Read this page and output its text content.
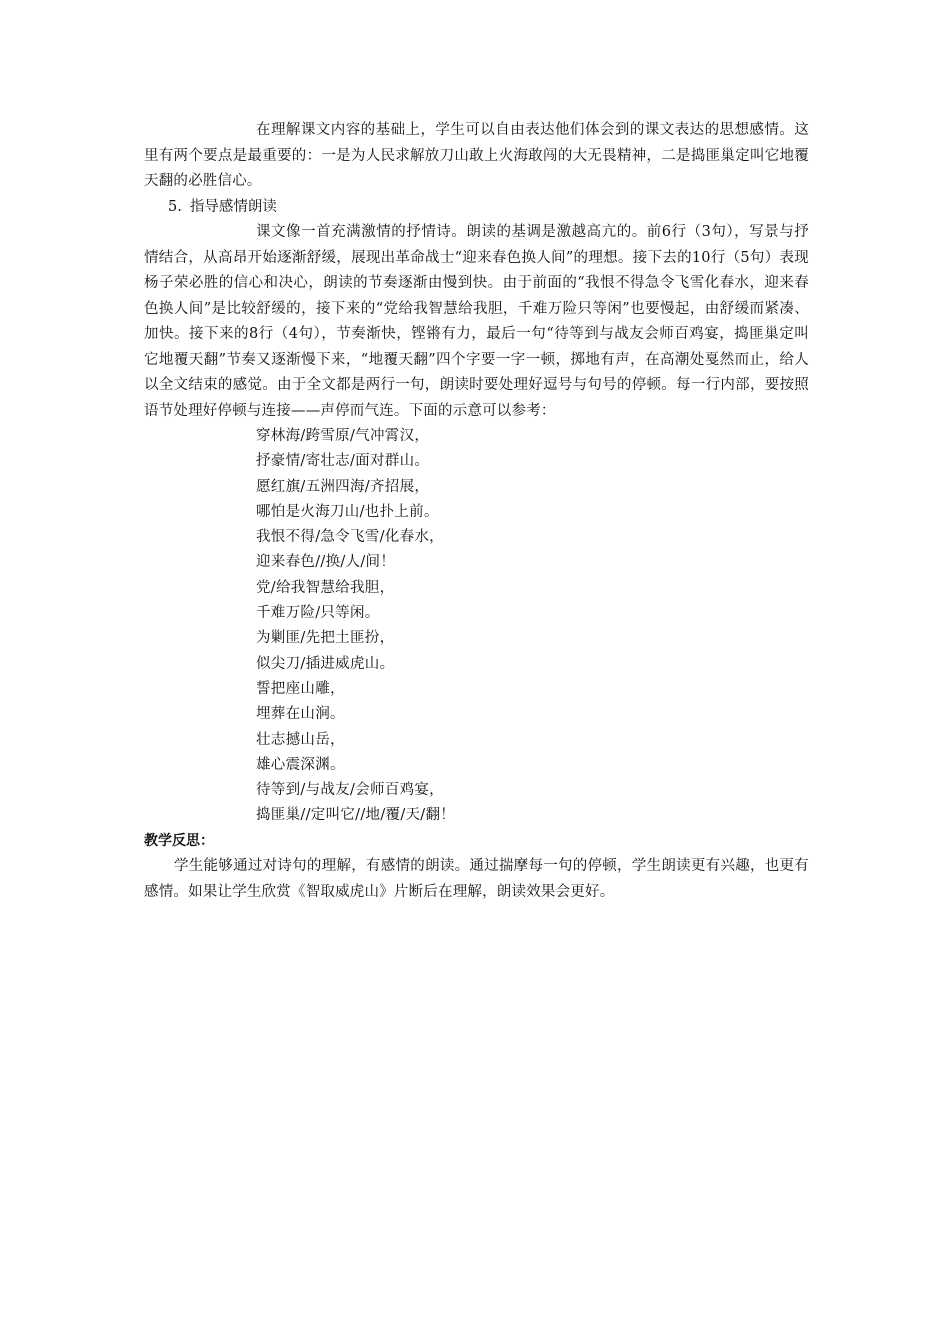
在理解课文内容的基础上，学生可以自由表达他们体会到的课文表达的思想感情。这里有两个要点是最重要的：一是为人民求解放刀山敢上火海敢闯的大无畏精神，二是捣匪巢定叫它地覆天翻的必胜信心。

5. 指导感情朗读

课文像一首充满激情的抒情诗。朗读的基调是激越高亢的。前6行（3句），写景与抒情结合，从高昂开始逐渐舒缓，展现出革命战士“迎来春色换人间”的理想。接下去的10行（5句）表现杨子荣必胜的信心和决心，朗读的节奏逐渐由慢到快。由于前面的“我恨不得急令飞雪化春水，迎来春色换人间”是比较舒缓的，接下来的“党给我智慧给我胆，千难万险只等闲”也要慢起，由舒缓而紧凑、加快。接下来的8行（4句），节奏渐快，铿锵有力，最后一句“待等到与战友会师百鸡宴，捣匪巢定叫它地覆天翻”节奏又逐渐慢下来，“地覆天翻”四个字要一字一顿，掷地有声，在高潮处戛然而止，给人以全文结束的感觉。由于全文都是两行一句，朗读时要处理好逗号与句号的停顿。每一行内部，要按照语节处理好停顿与连接——声停而气连。下面的示意可以参考：

穿林海/跨雪原/气冲霄汉，
抒豪情/寄壮志/面对群山。
愿红旗/五洲四海/齐招展，
哪怕是火海刀山/也扑上前。
我恨不得/急令飞雪/化春水，
迎来春色//换/人/间！
党/给我智慧给我胆，
千难万险/只等闲。
为剿匪/先把土匪扮，
似尖刀/插进威虎山。
誓把座山雕，
埋葬在山涧。
壮志撼山岳，
雄心震深渊。
待等到/与战友/会师百鸡宴，
捣匪巢//定叫它//地/覆/天/翻！

教学反思：

学生能够通过对诗句的理解，有感情的朗读。通过揣摩每一句的停顿，学生朗读更有兴趣，也更有感情。如果让学生欣赏《智取威虎山》片断后在理解，朗读效果会更好。
